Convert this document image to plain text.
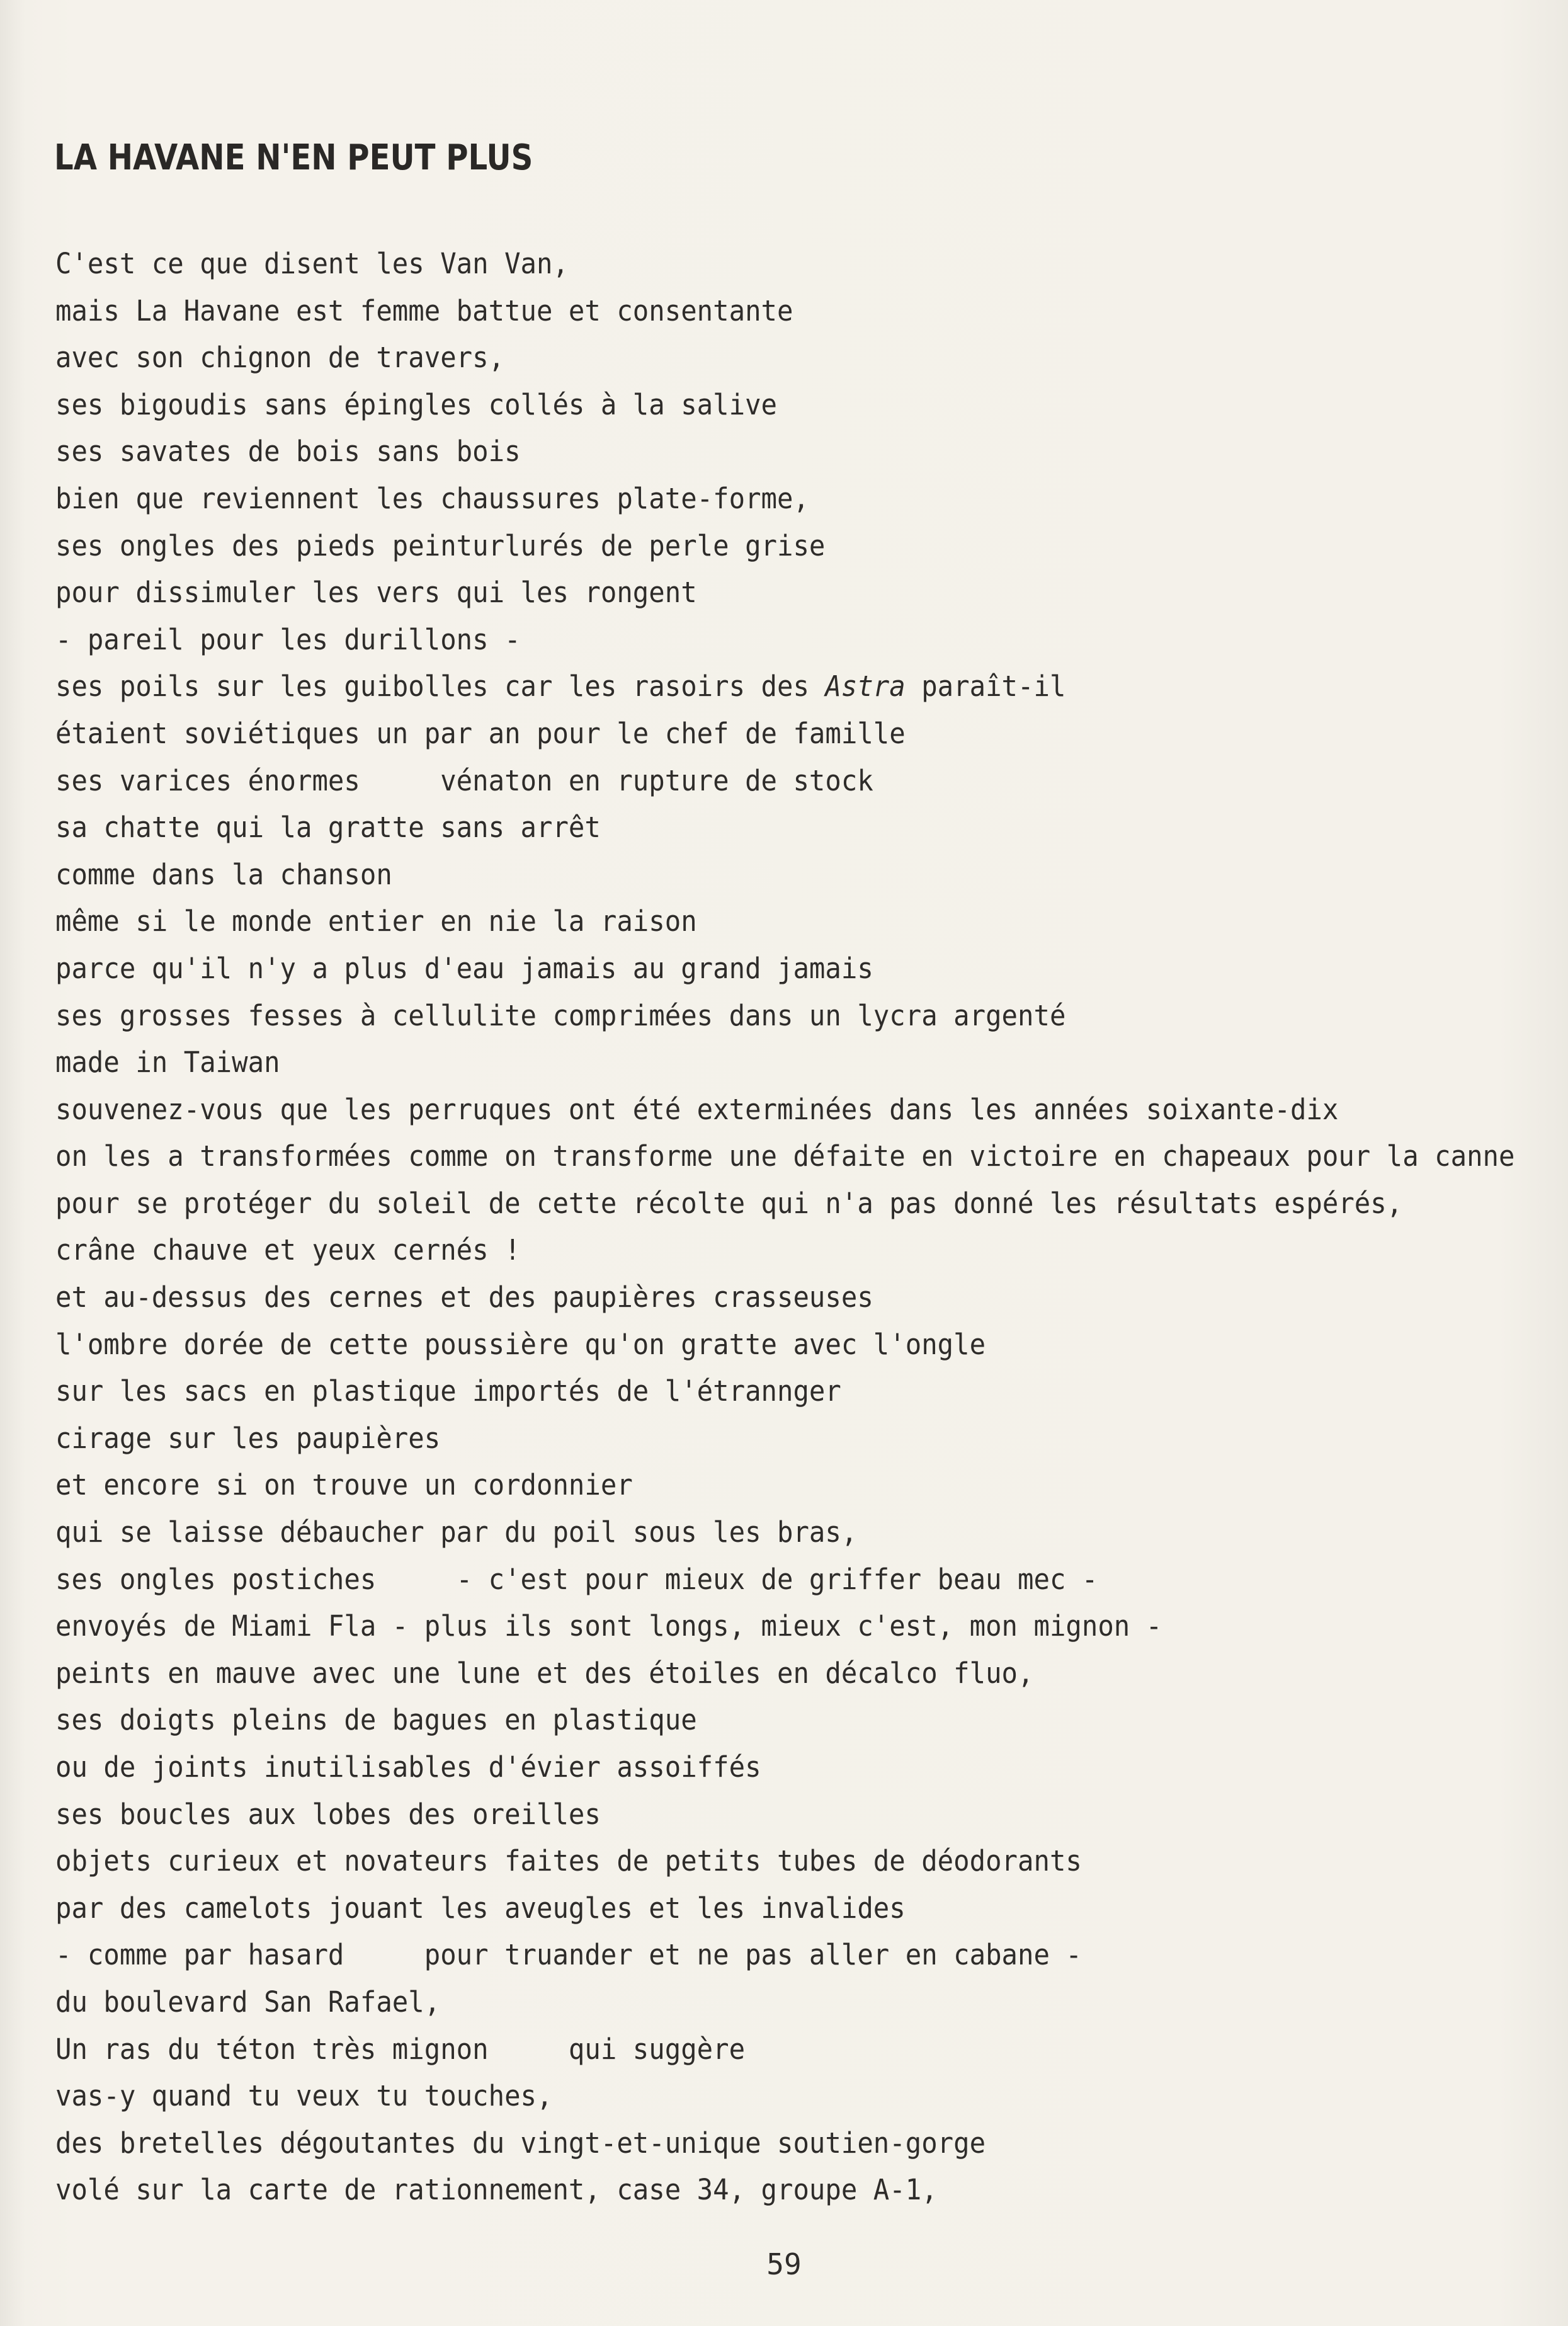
LA HAVANE N'EN PEUT PLUS
C'est ce que disent les Van Van,
mais La Havane est femme battue et consentante
avec son chignon de travers,
ses bigoudis sans épingles collés à la salive
ses savates de bois sans bois
bien que reviennent les chaussures plate-forme,
ses ongles des pieds peinturlurés de perle grise
pour dissimuler les vers qui les rongent
- pareil pour les durillons -
ses poils sur les guibolles car les rasoirs des Astra paraît-il
étaient soviétiques un par an pour le chef de famille
ses varices énormes     vénaton en rupture de stock
sa chatte qui la gratte sans arrêt
comme dans la chanson
même si le monde entier en nie la raison
parce qu'il n'y a plus d'eau jamais au grand jamais
ses grosses fesses à cellulite comprimées dans un lycra argenté
made in Taiwan
souvenez-vous que les perruques ont été exterminées dans les années soixante-dix
on les a transformées comme on transforme une défaite en victoire en chapeaux pour la canne
pour se protéger du soleil de cette récolte qui n'a pas donné les résultats espérés,
crâne chauve et yeux cernés !
et au-dessus des cernes et des paupières crasseuses
l'ombre dorée de cette poussière qu'on gratte avec l'ongle
sur les sacs en plastique importés de l'étrannger
cirage sur les paupières
et encore si on trouve un cordonnier
qui se laisse débaucher par du poil sous les bras,
ses ongles postiches     - c'est pour mieux de griffer beau mec -
envoyés de Miami Fla - plus ils sont longs, mieux c'est, mon mignon -
peints en mauve avec une lune et des étoiles en décalco fluo,
ses doigts pleins de bagues en plastique
ou de joints inutilisables d'évier assoiffés
ses boucles aux lobes des oreilles
objets curieux et novateurs faites de petits tubes de déodorants
par des camelots jouant les aveugles et les invalides
- comme par hasard     pour truander et ne pas aller en cabane -
du boulevard San Rafael,
Un ras du téton très mignon     qui suggère
vas-y quand tu veux tu touches,
des bretelles dégoutantes du vingt-et-unique soutien-gorge
volé sur la carte de rationnement, case 34, groupe A-1,
59
